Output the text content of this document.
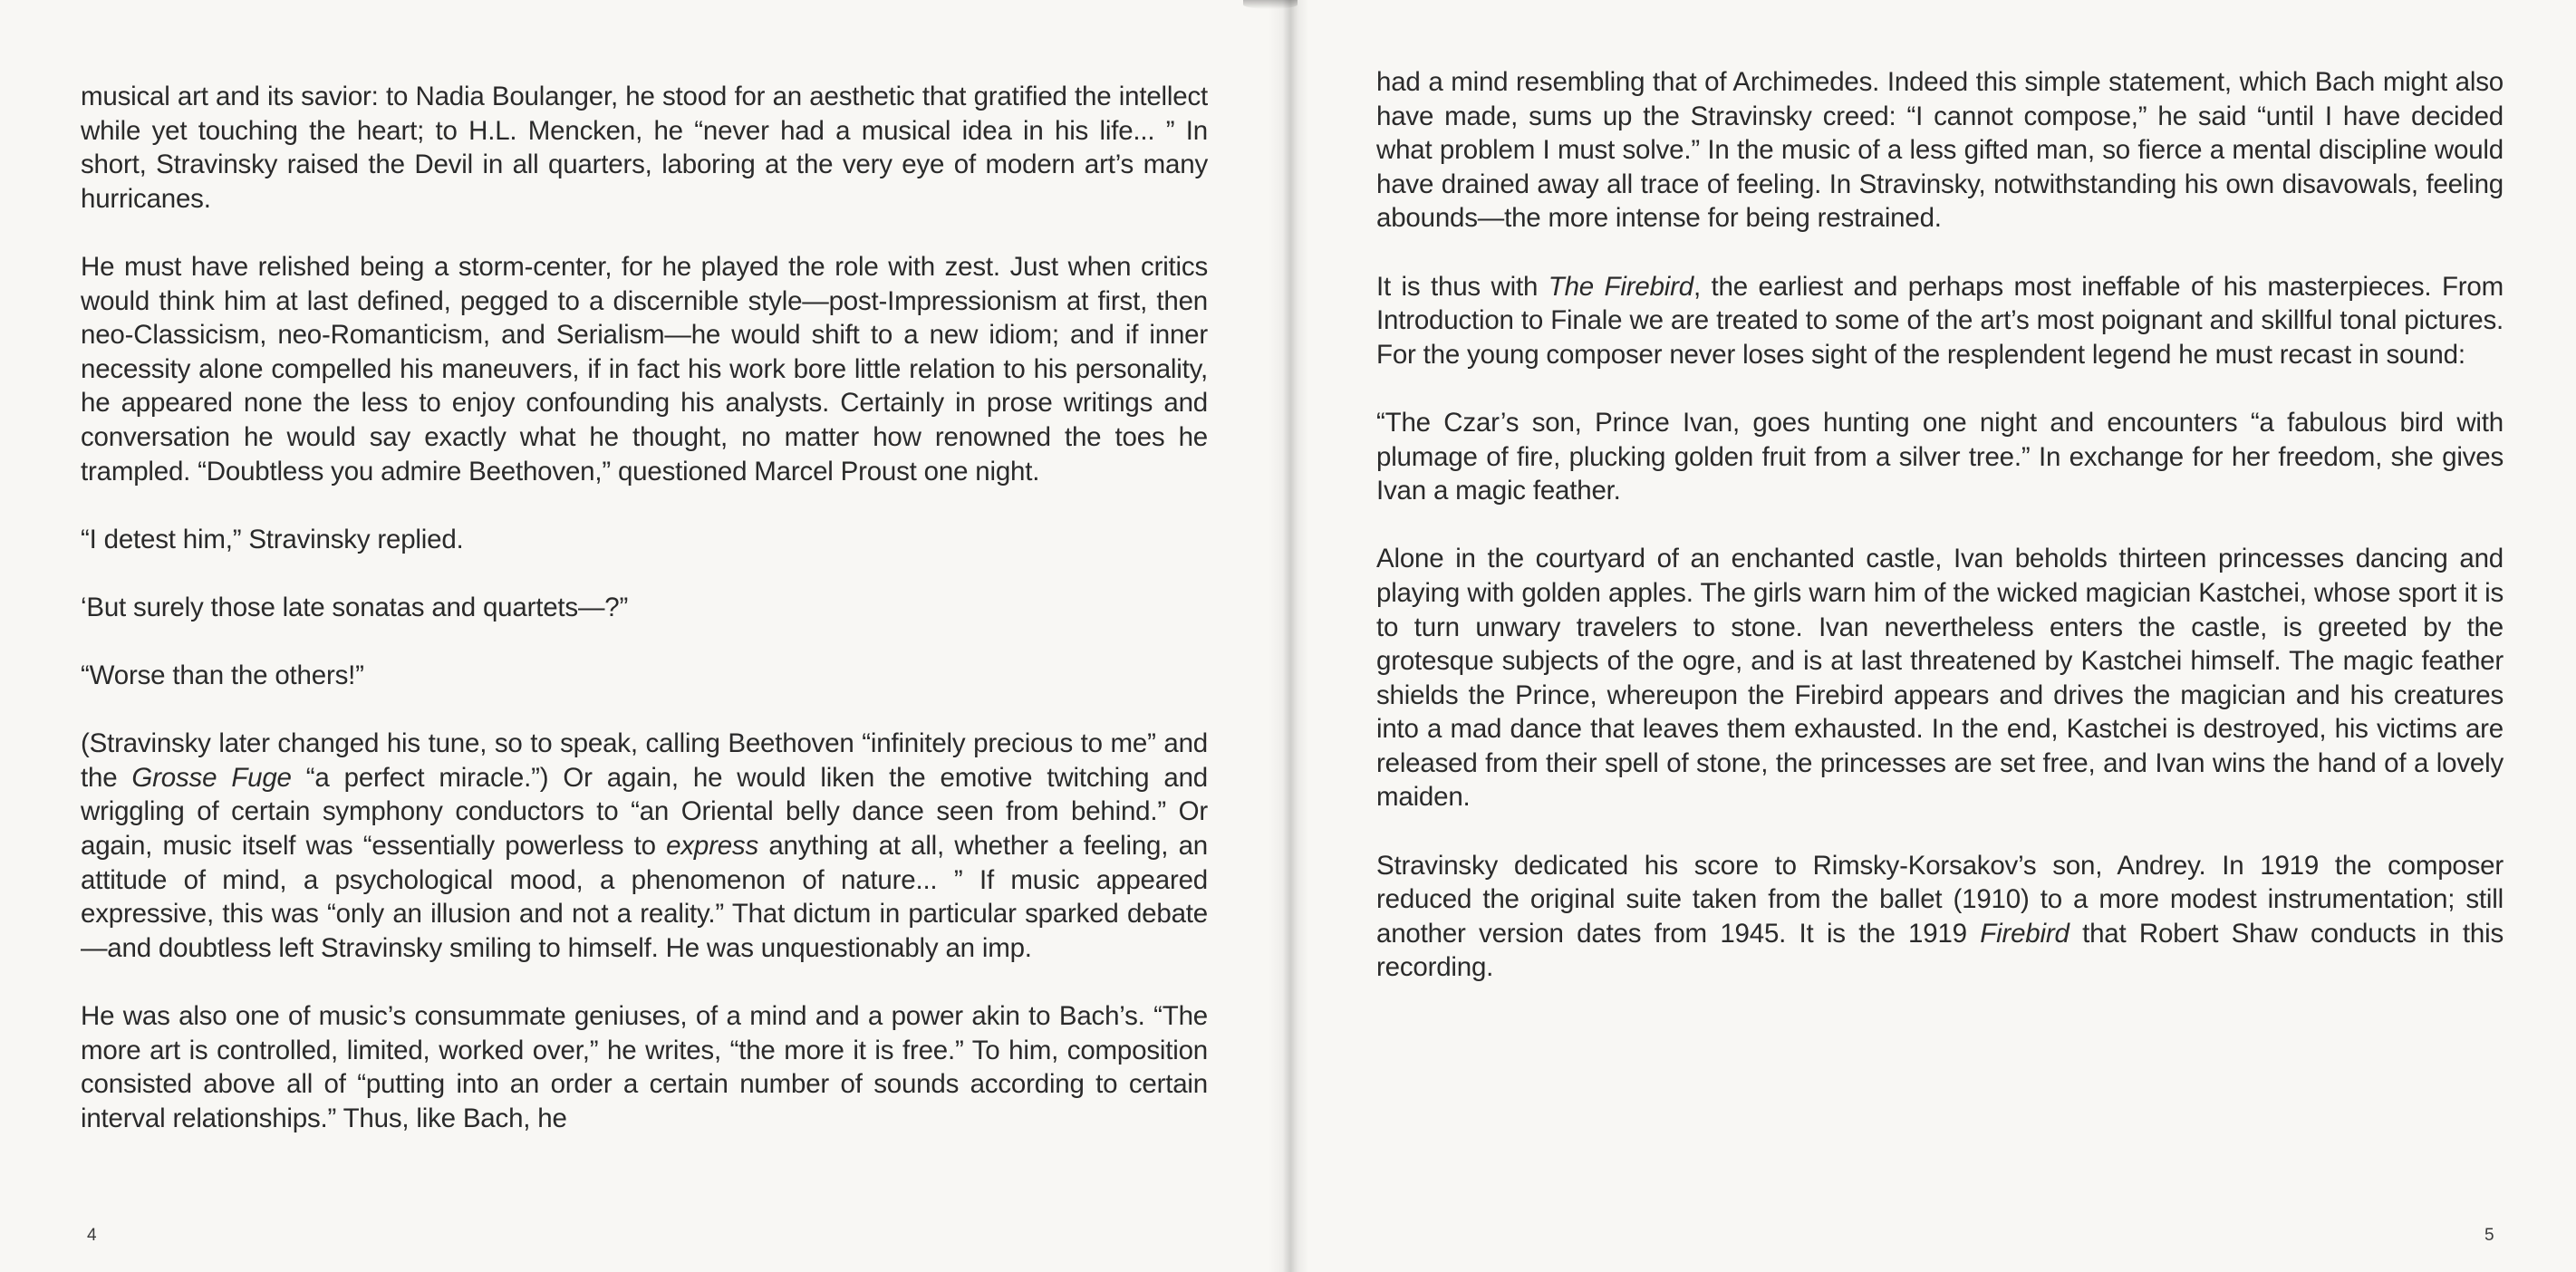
musical art and its savior: to Nadia Boulanger, he stood for an aesthetic that gratified the intellect while yet touching the heart; to H.L. Mencken, he “never had a musical idea in his life... ” In short, Stravinsky raised the Devil in all quarters, laboring at the very eye of modern art’s many hurricanes.

He must have relished being a storm-center, for he played the role with zest. Just when critics would think him at last defined, pegged to a discernible style—post-Impressionism at first, then neo-Classicism, neo-Romanticism, and Serialism—he would shift to a new idiom; and if inner necessity alone compelled his maneuvers, if in fact his work bore little relation to his personality, he appeared none the less to enjoy confounding his analysts. Certainly in prose writings and conversation he would say exactly what he thought, no matter how renowned the toes he trampled. “Doubtless you admire Beethoven,” questioned Marcel Proust one night.

“I detest him,” Stravinsky replied.

‘But surely those late sonatas and quartets—?”

“Worse than the others!”

(Stravinsky later changed his tune, so to speak, calling Beethoven “infinitely precious to me” and the Grosse Fuge “a perfect miracle.”) Or again, he would liken the emotive twitching and wriggling of certain symphony conductors to “an Oriental belly dance seen from behind.” Or again, music itself was “essentially powerless to express anything at all, whether a feeling, an attitude of mind, a psychological mood, a phenomenon of nature... ” If music appeared expressive, this was “only an illusion and not a reality.” That dictum in particular sparked debate—and doubtless left Stravinsky smiling to himself. He was unquestionably an imp.

He was also one of music’s consummate geniuses, of a mind and a power akin to Bach’s. “The more art is controlled, limited, worked over,” he writes, “the more it is free.” To him, composition consisted above all of “putting into an order a certain number of sounds according to certain interval relationships.” Thus, like Bach, he

4

had a mind resembling that of Archimedes. Indeed this simple statement, which Bach might also have made, sums up the Stravinsky creed: “I cannot compose,” he said “until I have decided what problem I must solve.” In the music of a less gifted man, so fierce a mental discipline would have drained away all trace of feeling. In Stravinsky, notwithstanding his own disavowals, feeling abounds—the more intense for being restrained.

It is thus with The Firebird, the earliest and perhaps most ineffable of his masterpieces. From Introduction to Finale we are treated to some of the art’s most poignant and skillful tonal pictures. For the young composer never loses sight of the resplendent legend he must recast in sound:

“The Czar’s son, Prince Ivan, goes hunting one night and encounters “a fabulous bird with plumage of fire, plucking golden fruit from a silver tree.” In exchange for her freedom, she gives Ivan a magic feather.

Alone in the courtyard of an enchanted castle, Ivan beholds thirteen princesses dancing and playing with golden apples. The girls warn him of the wicked magician Kastchei, whose sport it is to turn unwary travelers to stone. Ivan nevertheless enters the castle, is greeted by the grotesque subjects of the ogre, and is at last threatened by Kastchei himself. The magic feather shields the Prince, whereupon the Firebird appears and drives the magician and his creatures into a mad dance that leaves them exhausted. In the end, Kastchei is destroyed, his victims are released from their spell of stone, the princesses are set free, and Ivan wins the hand of a lovely maiden.

Stravinsky dedicated his score to Rimsky-Korsakov’s son, Andrey. In 1919 the composer reduced the original suite taken from the ballet (1910) to a more modest instrumentation; still another version dates from 1945. It is the 1919 Firebird that Robert Shaw conducts in this recording.

5
